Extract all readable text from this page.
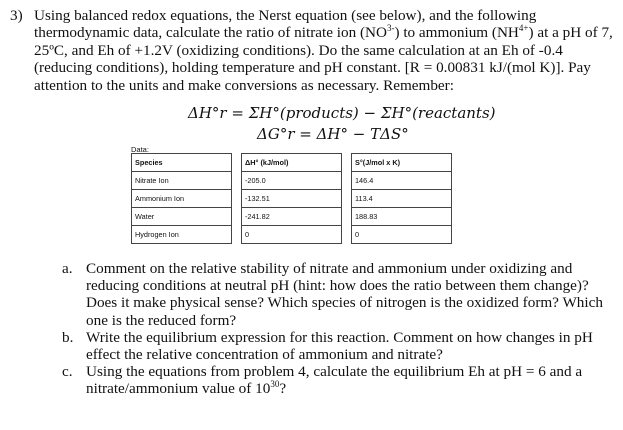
3) Using balanced redox equations, the Nerst equation (see below), and the following thermodynamic data, calculate the ratio of nitrate ion $(NO^{3-})$ to ammonium $(NH^{4+})$ at a pH of 7, 25ºC, and Eh of +1.2V (oxidizing conditions). Do the same calculation at an Eh of -0.4 (reducing conditions), holding temperature and pH constant. [R = 0.00831 kJ/(mol K)]. Pay attention to the units and make conversions as necessary. Remember:
ΔH°r = ΣH°(products) − ΣH°(reactants)
ΔG°r = ΔH° − TΔS°
Data:
Species		ΔH° (kJ/mol)		S°(J/mol x K)
Nitrate Ion		-205.0		146.4
Ammonium Ion		-132.51		113.4
Water		-241.82		188.83
Hydrogen Ion		0		0
a. Comment on the relative stability of nitrate and ammonium under oxidizing and reducing conditions at neutral pH (hint: how does the ratio between them change)? Does it make physical sense? Which species of nitrogen is the oxidized form? Which one is the reduced form?
b. Write the equilibrium expression for this reaction. Comment on how changes in pH effect the relative concentration of ammonium and nitrate?
c. Using the equations from problem 4, calculate the equilibrium Eh at pH = 6 and a nitrate/ammonium value of $10^{30}$?
